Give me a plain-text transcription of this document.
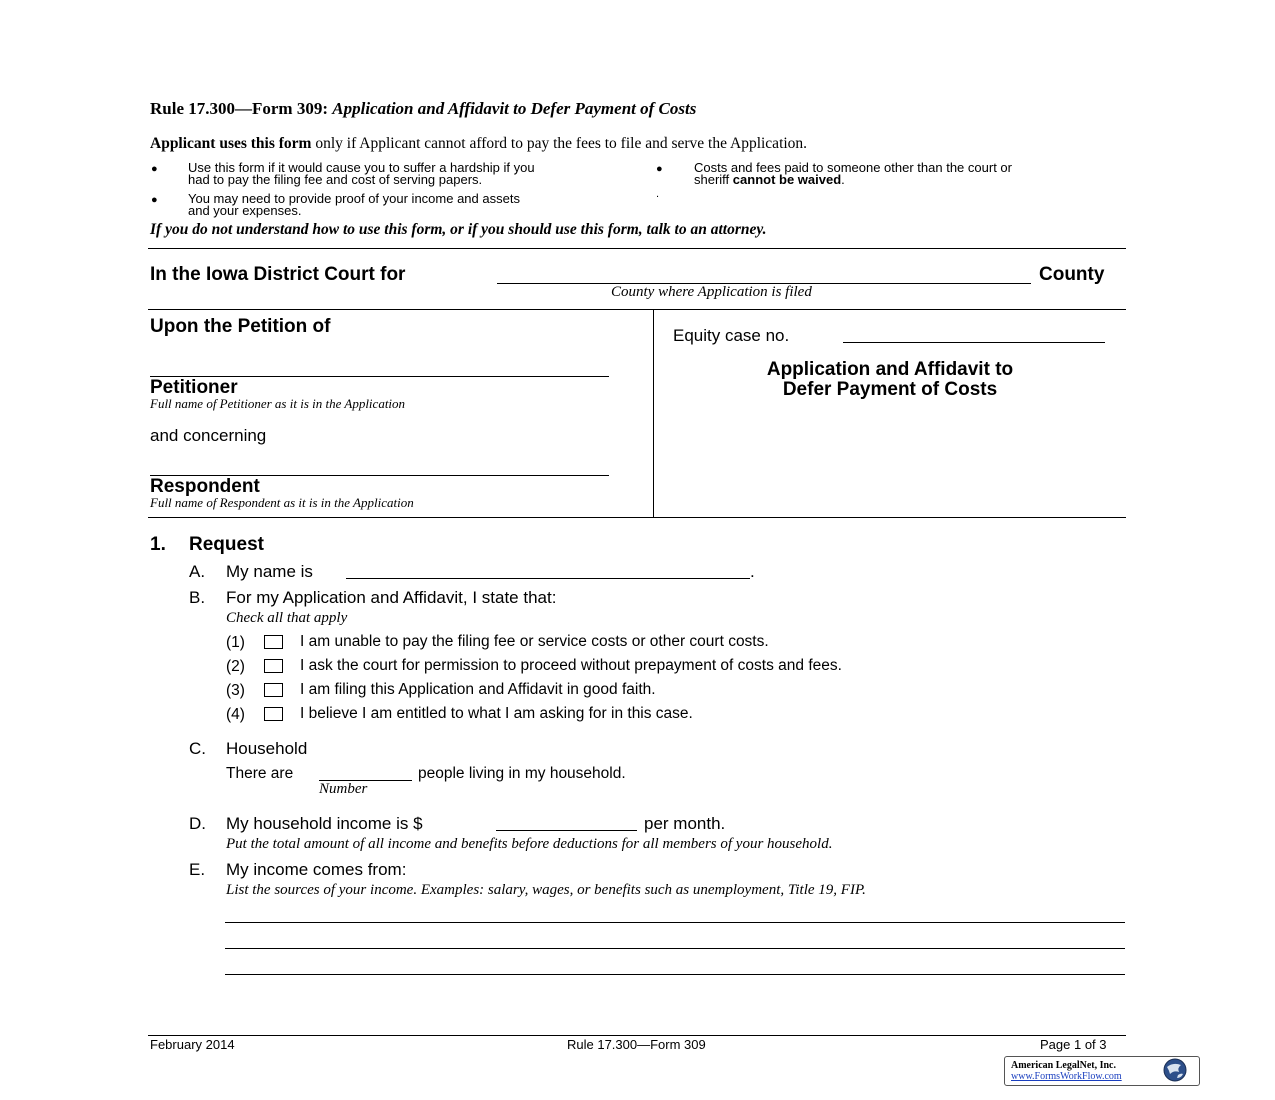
Rule 17.300—Form 309: Application and Affidavit to Defer Payment of Costs
Applicant uses this form only if Applicant cannot afford to pay the fees to file and serve the Application.
● Use this form if it would cause you to suffer a hardship if you
had to pay the filing fee and cost of serving papers.
● You may need to provide proof of your income and assets
and your expenses.
● Costs and fees paid to someone other than the court or
sheriff cannot be waived.
.
If you do not understand how to use this form, or if you should use this form, talk to an attorney.
In the Iowa District Court for	County
County where Application is filed
Upon the Petition of
Petitioner
Full name of Petitioner as it is in the Application
and concerning
Respondent
Full name of Respondent as it is in the Application
Equity case no.
Application and Affidavit to
Defer Payment of Costs
1. Request
A. My name is	.
B. For my Application and Affidavit, I state that:
Check all that apply
(1)	I am unable to pay the filing fee or service costs or other court costs.
(2)	I ask the court for permission to proceed without prepayment of costs and fees.
(3)	I am filing this Application and Affidavit in good faith.
(4)	I believe I am entitled to what I am asking for in this case.
C. Household
There are	people living in my household.
Number
D. My household income is $	per month.
Put the total amount of all income and benefits before deductions for all members of your household.
E. My income comes from:
List the sources of your income. Examples: salary, wages, or benefits such as unemployment, Title 19, FIP.
February 2014	Rule 17.300—Form 309	Page 1 of 3
American LegalNet, Inc.
www.FormsWorkFlow.com
